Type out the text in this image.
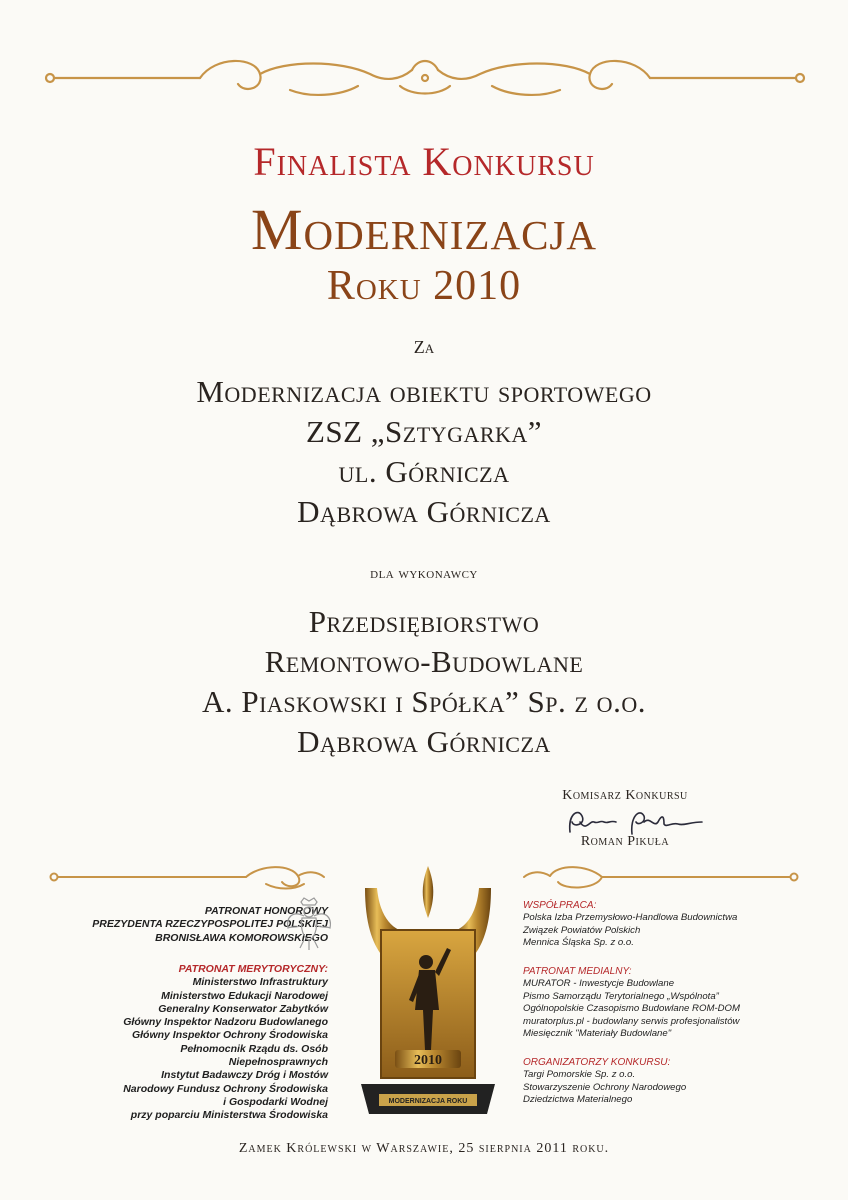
Finalista Konkursu
Modernizacja
Roku 2010
Za
Modernizacja obiektu sportowego
ZSZ „Sztygarka”
ul. Górnicza
Dąbrowa Górnicza
dla wykonawcy
Przedsiębiorstwo
Remontowo-Budowlane
A. Piaskowski i Spółka” Sp. z o.o.
Dąbrowa Górnicza
Komisarz Konkursu
Roman Pikuła
PATRONAT HONOROWY
PREZYDENTA RZECZYPOSPOLITEJ POLSKIEJ
BRONISŁAWA KOMOROWSKIEGO
PATRONAT MERYTORYCZNY:
Ministerstwo Infrastruktury
Ministerstwo Edukacji Narodowej
Generalny Konserwator Zabytków
Główny Inspektor Nadzoru Budowlanego
Główny Inspektor Ochrony Środowiska
Pełnomocnik Rządu ds. Osób
Niepełnosprawnych
Instytut Badawczy Dróg i Mostów
Narodowy Fundusz Ochrony Środowiska
i Gospodarki Wodnej
przy poparciu Ministerstwa Środowiska
2010
MODERNIZACJA ROKU
WSPÓŁPRACA:
Polska Izba Przemysłowo-Handlowa Budownictwa
Związek Powiatów Polskich
Mennica Śląska Sp. z o.o.
PATRONAT MEDIALNY:
MURATOR - Inwestycje Budowlane
Pismo Samorządu Terytorialnego „Wspólnota”
Ogólnopolskie Czasopismo Budowlane ROM-DOM
muratorplus.pl - budowlany serwis profesjonalistów
Miesięcznik "Materiały Budowlane"
ORGANIZATORZY KONKURSU:
Targi Pomorskie Sp. z o.o.
Stowarzyszenie Ochrony Narodowego
Dziedzictwa Materialnego
Zamek Królewski w Warszawie, 25 sierpnia 2011 roku.
